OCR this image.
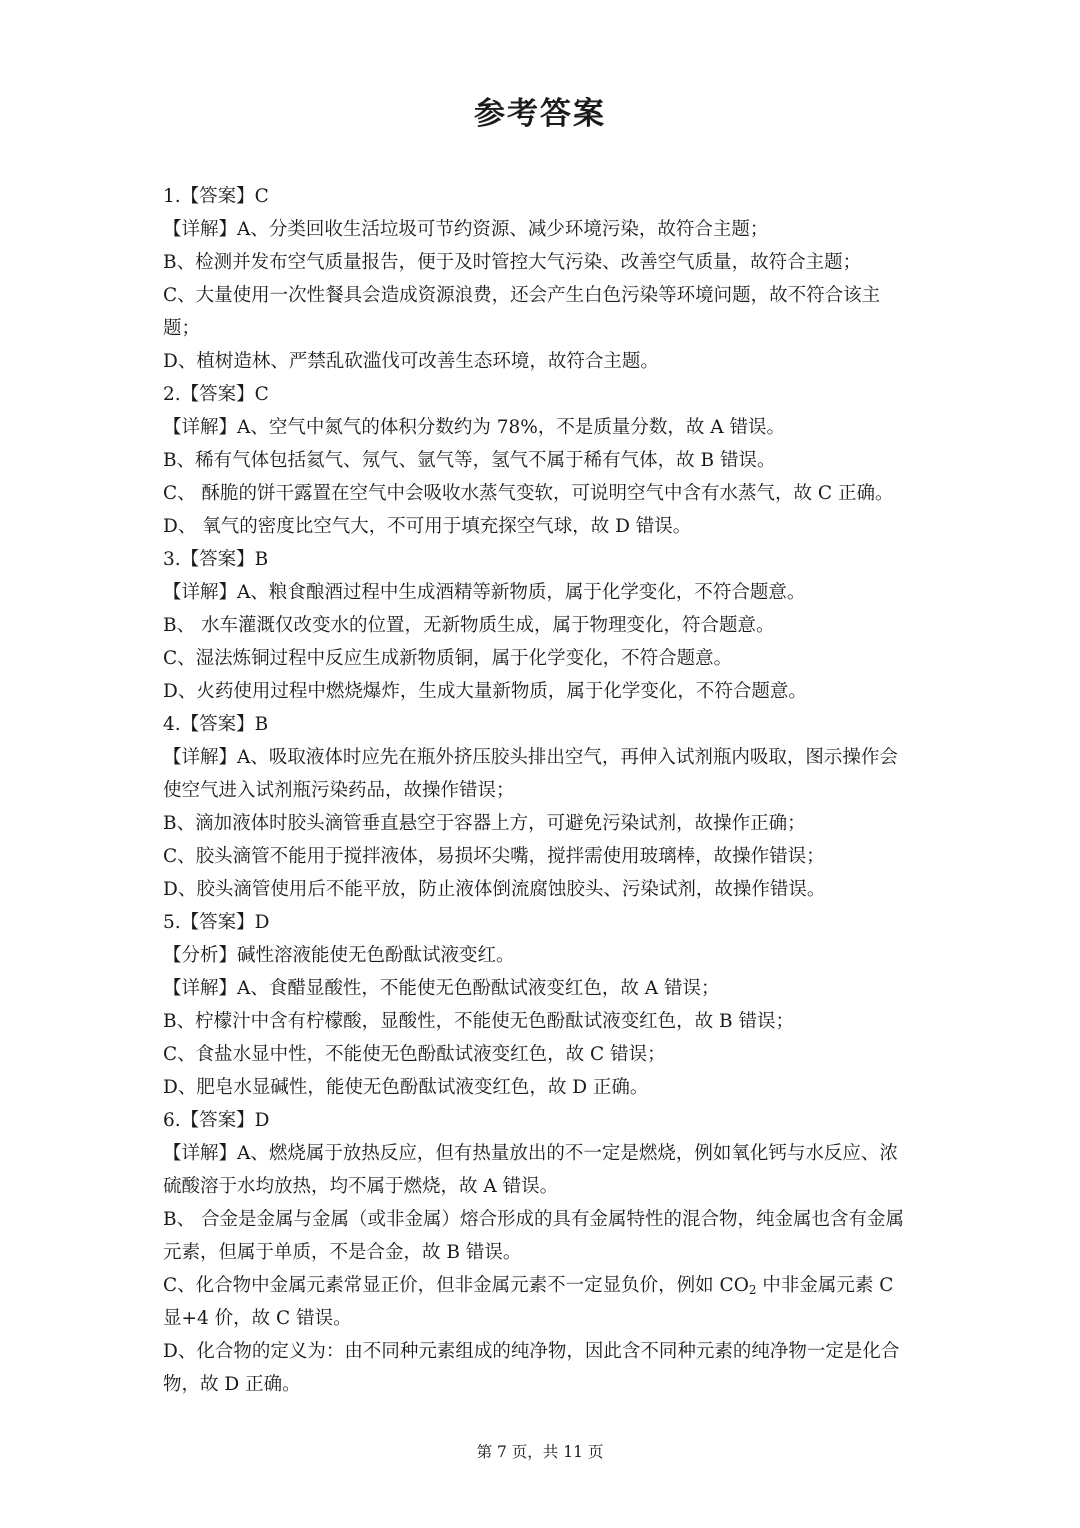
参考答案

1.【答案】C

【详解】A、分类回收生活垃圾可节约资源、减少环境污染，故符合主题；

B、检测并发布空气质量报告，便于及时管控大气污染、改善空气质量，故符合主题；

C、大量使用一次性餐具会造成资源浪费，还会产生白色污染等环境问题，故不符合该主题；

D、植树造林、严禁乱砍滥伐可改善生态环境，故符合主题。

2.【答案】C

【详解】A、空气中氮气的体积分数约为 78%，不是质量分数，故 A 错误。

B、稀有气体包括氦气、氖气、氩气等，氢气不属于稀有气体，故 B 错误。

C、 酥脆的饼干露置在空气中会吸收水蒸气变软，可说明空气中含有水蒸气，故 C 正确。

D、 氧气的密度比空气大，不可用于填充探空气球，故 D 错误。

3.【答案】B

【详解】A、粮食酿酒过程中生成酒精等新物质，属于化学变化，不符合题意。

B、 水车灌溉仅改变水的位置，无新物质生成，属于物理变化，符合题意。

C、湿法炼铜过程中反应生成新物质铜，属于化学变化，不符合题意。

D、火药使用过程中燃烧爆炸，生成大量新物质，属于化学变化，不符合题意。

4.【答案】B

【详解】A、吸取液体时应先在瓶外挤压胶头排出空气，再伸入试剂瓶内吸取，图示操作会使空气进入试剂瓶污染药品，故操作错误；

B、滴加液体时胶头滴管垂直悬空于容器上方，可避免污染试剂，故操作正确；

C、胶头滴管不能用于搅拌液体，易损坏尖嘴，搅拌需使用玻璃棒，故操作错误；

D、胶头滴管使用后不能平放，防止液体倒流腐蚀胶头、污染试剂，故操作错误。

5.【答案】D

【分析】碱性溶液能使无色酚酞试液变红。

【详解】A、食醋显酸性，不能使无色酚酞试液变红色，故 A 错误；

B、柠檬汁中含有柠檬酸，显酸性，不能使无色酚酞试液变红色，故 B 错误；

C、食盐水显中性，不能使无色酚酞试液变红色，故 C 错误；

D、肥皂水显碱性，能使无色酚酞试液变红色，故 D 正确。

6.【答案】D

【详解】A、燃烧属于放热反应，但有热量放出的不一定是燃烧，例如氧化钙与水反应、浓硫酸溶于水均放热，均不属于燃烧，故 A 错误。

B、 合金是金属与金属（或非金属）熔合形成的具有金属特性的混合物，纯金属也含有金属元素，但属于单质，不是合金，故 B 错误。

C、化合物中金属元素常显正价，但非金属元素不一定显负价，例如 $CO_2$ 中非金属元素 C 显+4 价，故 C 错误。

D、化合物的定义为：由不同种元素组成的纯净物，因此含不同种元素的纯净物一定是化合物，故 D 正确。

第 7 页，共 11 页
